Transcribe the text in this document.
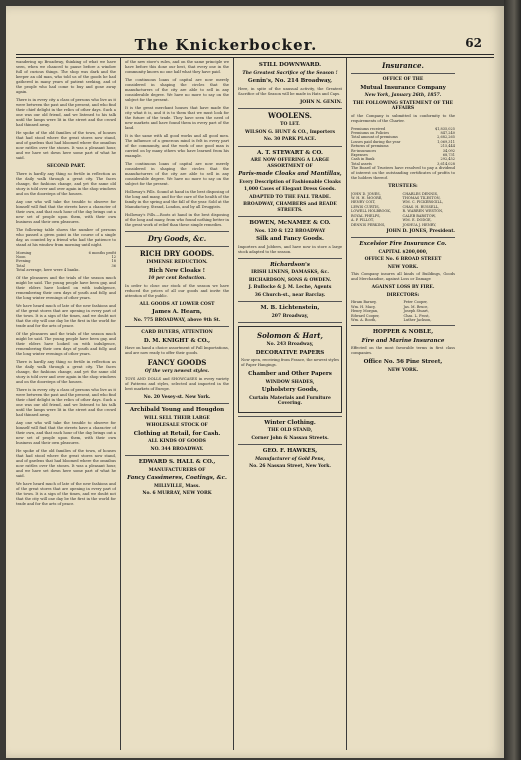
The Knickerbocker.	62

wandering up Broadway, thinking of what we have seen, when we chanced to pause before a window full of curious things. The shop was dark and the keeper an old man, who told us of the goods he had gathered in many years of patient seeking, and of the people who had come to buy and gone away again.

There is in every city a class of persons who live as it were between the past and the present, and who find their chief delight in the relics of other days. Such a one was our old friend, and we listened to his talk until the lamps were lit in the street and the crowd had thinned away.

He spoke of the old families of the town, of houses that had stood where the great stores now stand, and of gardens that had bloomed where the omnibus now rattles over the stones. It was a pleasant hour, and we have set down here some part of what he said.

SECOND PART.

There is hardly any thing so fertile in reflection as the daily walk through a great city. The faces change, the fashions change, and yet the same old story is told over and over again in the shop windows and on the doorsteps of the houses.

Any one who will take the trouble to observe for himself will find that the streets have a character of their own, and that each hour of the day brings out a new set of people upon them, with their own business and their own pleasures.

The following table shows the number of persons who passed a given point in the course of a single day, as counted by a friend who had the patience to stand at his window from morning until night.

Morning	6 months profit
Noon	12
Evening	18
Total	36

Total average, here were 4 banks.

Of the pleasures and the trials of the season much might be said. The young people have been gay, and their elders have looked on with indulgence, remembering their own days of youth and folly, and the long winter evenings of other years.

We have heard much of late of the new fashions and of the great stores that are opening in every part of the town. It is a sign of the times, and we doubt not that the city will one day be the first in the world for trade and for the arts of peace.

Of the pleasures and the trials of the season much might be said. The young people have been gay, and their elders have looked on with indulgence, remembering their own days of youth and folly, and the long winter evenings of other years.

There is hardly any thing so fertile in reflection as the daily walk through a great city. The faces change, the fashions change, and yet the same old story is told over and over again in the shop windows and on the doorsteps of the houses.

There is in every city a class of persons who live as it were between the past and the present, and who find their chief delight in the relics of other days. Such a one was our old friend, and we listened to his talk until the lamps were lit in the street and the crowd had thinned away.

Any one who will take the trouble to observe for himself will find that the streets have a character of their own, and that each hour of the day brings out a new set of people upon them, with their own business and their own pleasures.

He spoke of the old families of the town, of houses that had stood where the great stores now stand, and of gardens that had bloomed where the omnibus now rattles over the stones. It was a pleasant hour, and we have set down here some part of what he said.

We have heard much of late of the new fashions and of the great stores that are opening in every part of the town. It is a sign of the times, and we doubt not that the city will one day be the first in the world for trade and for the arts of peace.

of the new store's rules, and on the same principle we have before this done our best, that every one in the community knows no one half what they have paid.

The continuous loans of capital are now merely considered in shaping the circles that the manufacturers of the city are able to sell in any considerable degree. We have no more to say on the subject for the present.

It is the great merchant houses that have made the city what it is, and it is to them that we must look for the future of the trade. They have seen the need of new markets and have found them in every part of the land.

It is the same with all good works and all good men. The influence of a generous mind is felt in every part of the community, and the work of one good man is carried on by many others who have learned from his example.

The continuous loans of capital are now merely considered in shaping the circles that the manufacturers of the city are able to sell in any considerable degree. We have no more to say on the subject for the present.

Holloway's Pills. Sound at hand in the best disposing of the long and many, and for the care of the health of the family in the spring and the fall of the year. Sold at the Manufactory, Strand, London, and by all Druggists.

Holloway's Pills.—Roots at hand in the best disposing of the long and many, from who found nothing better in the great work of relief than these simple remedies.

Dry Goods, &c.
RICH DRY GOODS.
IMMENSE REDUCTION.
Rich New Cloaks !
10 per cent Reduction.

In order to close our stock of the season we have reduced the prices of all our goods and invite the attention of the public.

ALL GOODS AT LOWER COST
James A. Hearn,
No. 775 BROADWAY, above 9th St.
CARD BUYERS, ATTENTION
D. M. KNIGHT & CO.,

Have on hand a choice assortment of Fall Importations, and are now ready to offer their goods.

FANCY GOODS
Of the very newest styles.

TOYS AND DOLLS and SHOWCASES in every variety of Patterns and styles, selected and imported in the best markets of Europe.

No. 20 Vesey-st. New York.
Archibald Young and Hougdon
WILL SELL THEIR LARGE
WHOLESALE STOCK OF
Clothing at Retail, for Cash.
ALL KINDS OF GOODS
NO. 344 BROADWAY.
EDWARD S. HALL & CO.,
MANUFACTURERS OF
Fancy Cassimeres, Coatings, &c.
MILLVILLE, Mass.
No. 6 MURRAY, NEW YORK
STILL DOWNWARD.
The Greatest Sacrifice of the Season !
Genin's, No. 214 Broadway,

Here, in spite of the unusual activity, the Greatest Sacrifice of the Season will be made in Hats and Caps.

JOHN N. GENIN.
WOOLENS.
TO LET.
WILSON G. HUNT & CO., Importers
No. 30 PARK PLACE.
A. T. STEWART & CO.
ARE NOW OFFERING A LARGE ASSORTMENT OF
Paris-made Cloaks and Mantillas,
Every Description of Fashionable Cloaks
1,000 Cases of Elegant Dress Goods.
ADAPTED TO THE FALL TRADE.
BROADWAY, CHAMBERS and READE STREETS.
BOWEN, McNAMEE & CO.
Nos. 120 & 122 BROADWAY
Silk and Fancy Goods.

Importers and Jobbers, and have now in store a large stock adapted to the season.

Richardson's
IRISH LINENS, DAMASKS, &c.
RICHARDSON, SONS & OWDEN.
J. Bullocke & J. M. Leche, Agents
36 Church-st., near Barclay.
M. B. Lichtenstein,
207 Broadway,
Solomon & Hart,
No. 243 Broadway,
DECORATIVE PAPERS

Now open, receiving from France, the newest styles of Paper Hangings.

Chamber and Other Papers
WINDOW SHADES,
Upholstery Goods,
Curtain Materials and Furniture Covering.
Winter Clothing.
THE OLD STAND,
Corner John & Nassau Streets.
GEO. F. HAWKES,
Manufacturer of Gold Pens,
No. 26 Nassau Street, New York.
Insurance.
OFFICE OF THE
Mutual Insurance Company
New York, January 26th, 1857.
THE FOLLOWING STATEMENT OF THE AFFAIRS

of the Company is submitted in conformity to the requirements of the Charter.

Premiums received	$1,835,025
Premiums on Policies	847,240
Total amount of premiums	2,682,265
Losses paid during the year	1,069,311
Returns of premiums	215,444
Re-insurances	34,092
Expenses	68,731
Cash in Bank	292,452
Total assets	3,614,028

The Board of Trustees have resolved to pay a dividend of interest on the outstanding certificates of profits to the holders thereof.

TRUSTEES:
JOHN D. JONES,	CHARLES DENNIS,
W. H. H. MOORE,	THOMAS TILESTON,
HENRY COIT,	WM. C. PICKERSGILL,
LEWIS CURTIS,	CHAS. H. RUSSELL,
LOWELL HOLBROOK,	R. WARREN WESTON,
ROYAL PHELPS,	CALEB BARSTOW,
A. P. PILLOT,	WM. E. DODGE,
DENNIS PERKINS,	JOSHUA J. HENRY,
JOHN D. JONES, President.
Excelsior Fire Insurance Co.
CAPITAL $200,000,
OFFICE No. 6 BROAD STREET
NEW YORK.

This Company insures all kinds of Buildings, Goods and Merchandise, against Loss or Damage

AGAINST LOSS BY FIRE.
DIRECTORS:
Hiram Barney,	Peter Cooper,
Wm. H. Macy,	Jas. M. Bruce,
Henry Morgan,	Joseph Stuart,
Edward Cooper,	Chas. L. Frost,
Wm. A. Booth,	Luther Jackson,
HOPPER & NOBLE,
Fire and Marine Insurance

Effected on the most favorable terms in first class companies.

Office No. 56 Pine Street,
NEW YORK.
